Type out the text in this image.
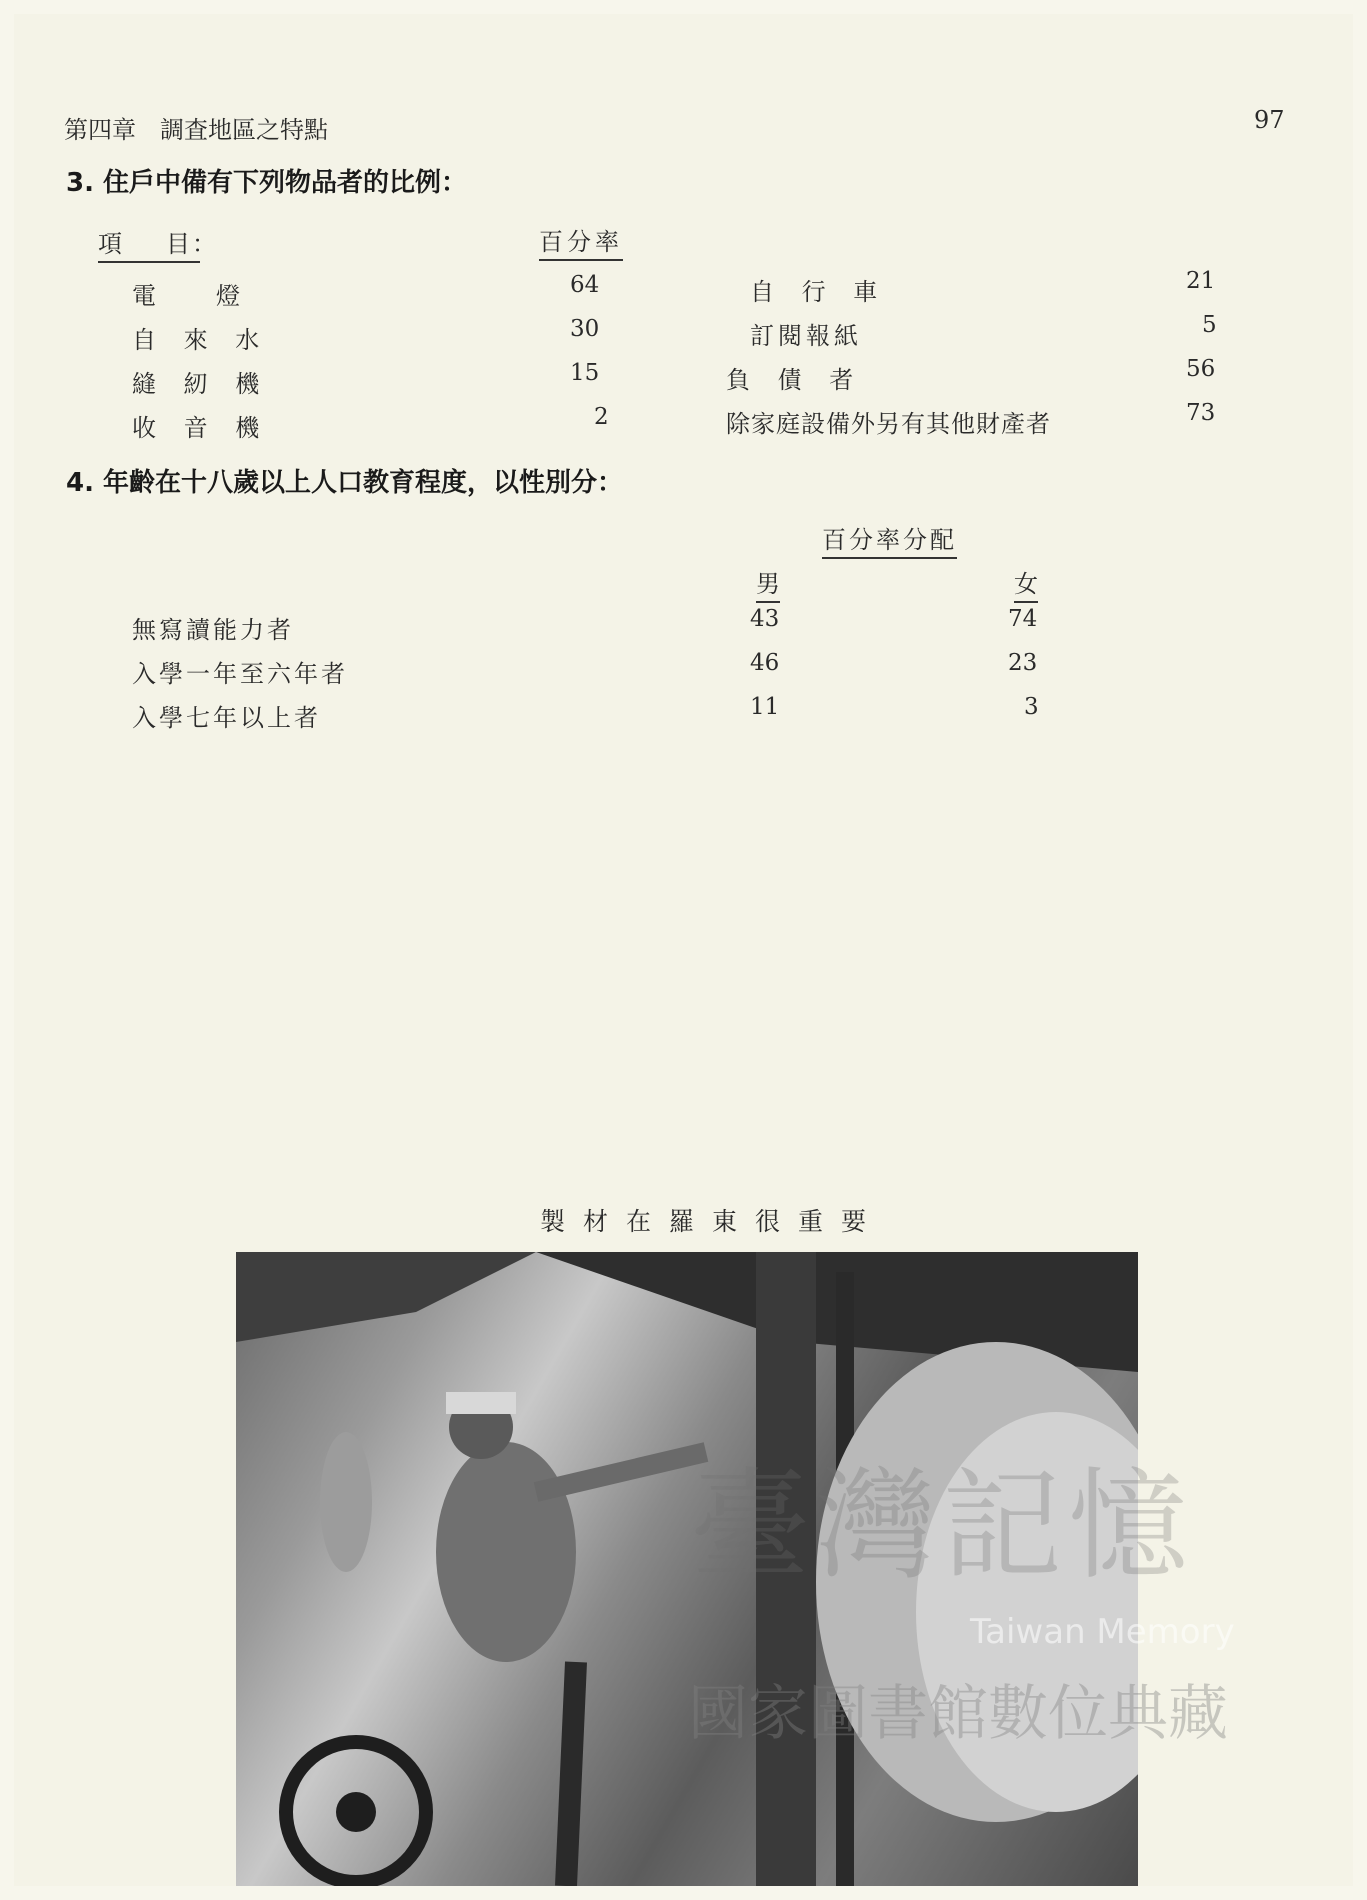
第四章　調査地區之特點	97
3. 住戶中備有下列物品者的比例：
項　目
：	百分率
電　　燈	64
自 來 水	30
縫 紉 機	15
收 音 機	2
自 行 車	21
訂閱報紙	5
負 債 者	56
除家庭設備外另有其他財產者	73
4. 年齡在十八歲以上人口教育程度，以性別分：
百分率分配
男	女
無寫讀能力者	43	74
入學一年至六年者	46	23
入學七年以上者	11	3
製材在羅東很重要
臺灣記憶
Taiwan Memory
國家圖書館數位典藏
